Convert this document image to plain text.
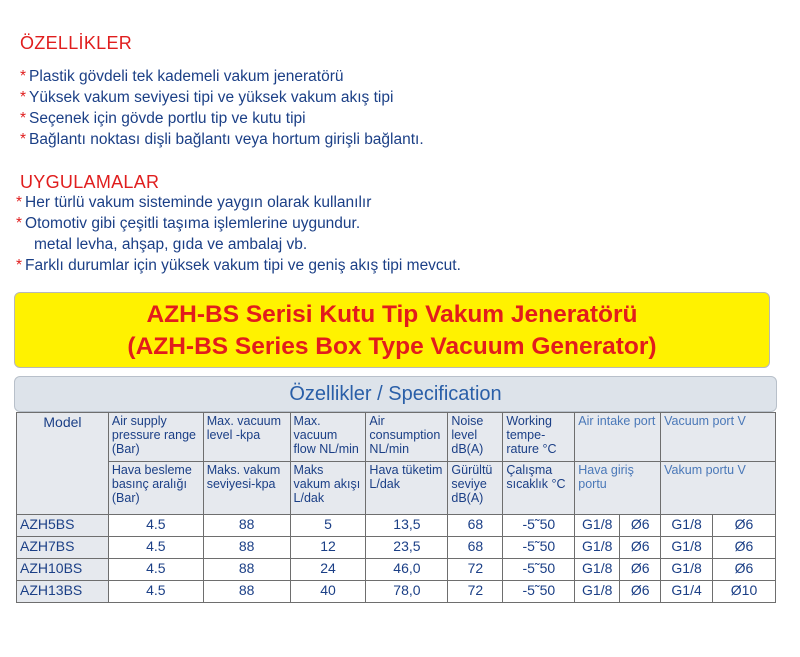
ÖZELLİKLER
* Plastik gövdeli tek kademeli vakum jeneratörü
* Yüksek vakum seviyesi tipi ve yüksek vakum akış tipi
* Seçenek için gövde portlu tip ve kutu tipi
* Bağlantı noktası dişli bağlantı veya hortum girişli bağlantı.
UYGULAMALAR
* Her türlü vakum sisteminde yaygın olarak kullanılır
* Otomotiv gibi çeşitli taşıma işlemlerine uygundur.
metal levha, ahşap, gıda ve ambalaj vb.
* Farklı durumlar için yüksek vakum tipi ve geniş akış tipi mevcut.
AZH-BS Serisi Kutu Tip Vakum Jeneratörü
(AZH-BS Series Box Type Vacuum Generator)
Özellikler / Specification
Model	Air supply pressure range (Bar)	Max. vacuum level -kpa	Max. vacuum flow NL/min	Air consumption NL/min	Noise level dB(A)	Working tempe-rature °C	Air intake port		Vacuum port V	
	Hava besleme basınç aralığı (Bar)	Maks. vakum seviyesi-kpa	Maks vakum akışı L/dak	Hava tüketim L/dak	Gürültü seviye dB(A)	Çalışma sıcaklık °C	Hava giriş portu		Vakum portu V	
AZH5BS	4.5	88	5	13,5	68	-5˜50	G1/8	Ø6	G1/8	Ø6
AZH7BS	4.5	88	12	23,5	68	-5˜50	G1/8	Ø6	G1/8	Ø6
AZH10BS	4.5	88	24	46,0	72	-5˜50	G1/8	Ø6	G1/8	Ø6
AZH13BS	4.5	88	40	78,0	72	-5˜50	G1/8	Ø6	G1/4	Ø10
